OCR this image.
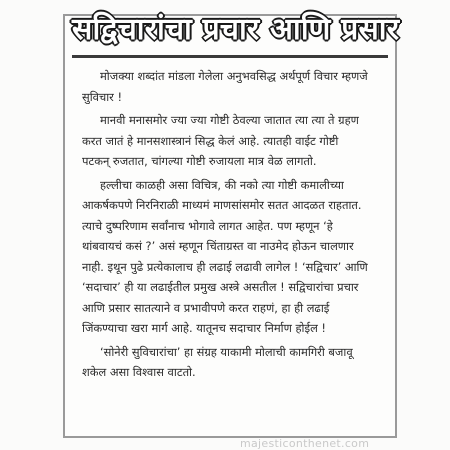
सद्विचारांचा प्रचार आणि प्रसार

मोजक्या शब्दांत मांडला गेलेला अनुभवसिद्ध अर्थपूर्ण विचार म्हणजे सुविचार !

मानवी मनासमोर ज्या ज्या गोष्टी ठेवल्या जातात त्या त्या ते ग्रहण करत जातं हे मानसशास्त्रानं सिद्ध केलं आहे. त्यातही वाईट गोष्टी पटकन् रुजतात, चांगल्या गोष्टी रुजायला मात्र वेळ लागतो.

हल्लीचा काळही असा विचित्र, की नको त्या गोष्टी कमालीच्या आकर्षकपणे निरनिराळी माध्यमं माणसांसमोर सतत आदळत राहतात. त्याचे दुष्परिणाम सर्वांनाच भोगावे लागत आहेत. पण म्हणून ‘हे थांबवायचं कसं ?’ असं म्हणून चिंताग्रस्त वा नाउमेद होऊन चालणार नाही. इथून पुढे प्रत्येकालाच ही लढाई लढावी लागेल ! ‘सद्विचार’ आणि ‘सदाचार’ ही या लढाईतील प्रमुख अस्त्रे असतील ! सद्विचारांचा प्रचार आणि प्रसार सातत्याने व प्रभावीपणे करत राहणं, हा ही लढाई जिंकण्याचा खरा मार्ग आहे. यातूनच सदाचार निर्माण होईल !

‘सोनेरी सुविचारांचा’ हा संग्रह याकामी मोलाची कामगिरी बजावू शकेल असा विश्वास वाटतो.

majesticonthenet.com
